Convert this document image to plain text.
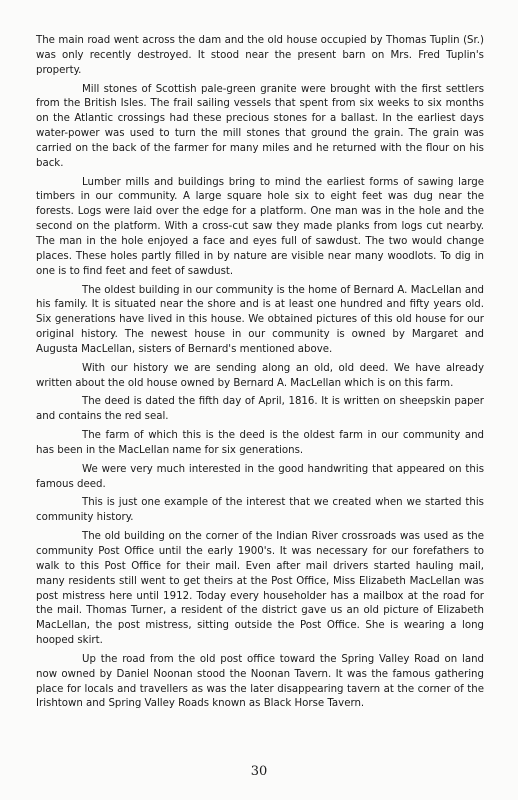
The main road went across the dam and the old house occupied by Thomas Tuplin (Sr.) was only recently destroyed. It stood near the present barn on Mrs. Fred Tuplin's property.

Mill stones of Scottish pale-green granite were brought with the first settlers from the British Isles. The frail sailing vessels that spent from six weeks to six months on the Atlantic crossings had these precious stones for a ballast. In the earliest days water-power was used to turn the mill stones that ground the grain. The grain was carried on the back of the farmer for many miles and he returned with the flour on his back.

Lumber mills and buildings bring to mind the earliest forms of sawing large timbers in our community. A large square hole six to eight feet was dug near the forests. Logs were laid over the edge for a platform. One man was in the hole and the second on the platform. With a cross-cut saw they made planks from logs cut nearby. The man in the hole enjoyed a face and eyes full of sawdust. The two would change places. These holes partly filled in by nature are visible near many woodlots. To dig in one is to find feet and feet of sawdust.

The oldest building in our community is the home of Bernard A. MacLellan and his family. It is situated near the shore and is at least one hundred and fifty years old. Six generations have lived in this house. We obtained pictures of this old house for our original history. The newest house in our community is owned by Margaret and Augusta MacLellan, sisters of Bernard's mentioned above.

With our history we are sending along an old, old deed. We have already written about the old house owned by Bernard A. MacLellan which is on this farm.

The deed is dated the fifth day of April, 1816. It is written on sheepskin paper and contains the red seal.

The farm of which this is the deed is the oldest farm in our community and has been in the MacLellan name for six generations.

We were very much interested in the good handwriting that appeared on this famous deed.

This is just one example of the interest that we created when we started this community history.

The old building on the corner of the Indian River crossroads was used as the community Post Office until the early 1900's. It was necessary for our forefathers to walk to this Post Office for their mail. Even after mail drivers started hauling mail, many residents still went to get theirs at the Post Office, Miss Elizabeth MacLellan was post mistress here until 1912. Today every householder has a mailbox at the road for the mail. Thomas Turner, a resident of the district gave us an old picture of Elizabeth MacLellan, the post mistress, sitting outside the Post Office. She is wearing a long hooped skirt.

Up the road from the old post office toward the Spring Valley Road on land now owned by Daniel Noonan stood the Noonan Tavern. It was the famous gathering place for locals and travellers as was the later disappearing tavern at the corner of the Irishtown and Spring Valley Roads known as Black Horse Tavern.

30
